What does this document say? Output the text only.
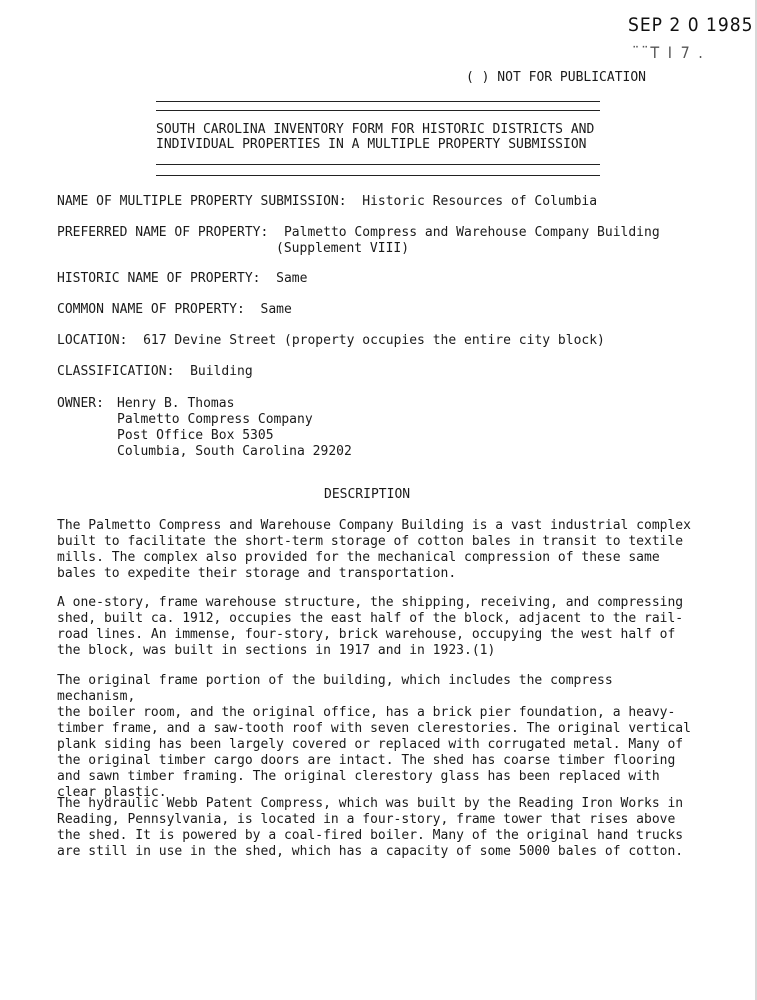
SEP 2 0 1985
¨¨T I 7 .
( ) NOT FOR PUBLICATION
SOUTH CAROLINA INVENTORY FORM FOR HISTORIC DISTRICTS AND
INDIVIDUAL PROPERTIES IN A MULTIPLE PROPERTY SUBMISSION
NAME OF MULTIPLE PROPERTY SUBMISSION: Historic Resources of Columbia
PREFERRED NAME OF PROPERTY: Palmetto Compress and Warehouse Company Building
(Supplement VIII)
HISTORIC NAME OF PROPERTY: Same
COMMON NAME OF PROPERTY: Same
LOCATION: 617 Devine Street (property occupies the entire city block)
CLASSIFICATION: Building
OWNER: Henry B. Thomas
Palmetto Compress Company
Post Office Box 5305
Columbia, South Carolina 29202
DESCRIPTION
The Palmetto Compress and Warehouse Company Building is a vast industrial complex
built to facilitate the short-term storage of cotton bales in transit to textile
mills. The complex also provided for the mechanical compression of these same
bales to expedite their storage and transportation.
A one-story, frame warehouse structure, the shipping, receiving, and compressing
shed, built ca. 1912, occupies the east half of the block, adjacent to the rail-
road lines. An immense, four-story, brick warehouse, occupying the west half of
the block, was built in sections in 1917 and in 1923.(1)
The original frame portion of the building, which includes the compress mechanism,
the boiler room, and the original office, has a brick pier foundation, a heavy-
timber frame, and a saw-tooth roof with seven clerestories. The original vertical
plank siding has been largely covered or replaced with corrugated metal. Many of
the original timber cargo doors are intact. The shed has coarse timber flooring
and sawn timber framing. The original clerestory glass has been replaced with
clear plastic.
The hydraulic Webb Patent Compress, which was built by the Reading Iron Works in
Reading, Pennsylvania, is located in a four-story, frame tower that rises above
the shed. It is powered by a coal-fired boiler. Many of the original hand trucks
are still in use in the shed, which has a capacity of some 5000 bales of cotton.
